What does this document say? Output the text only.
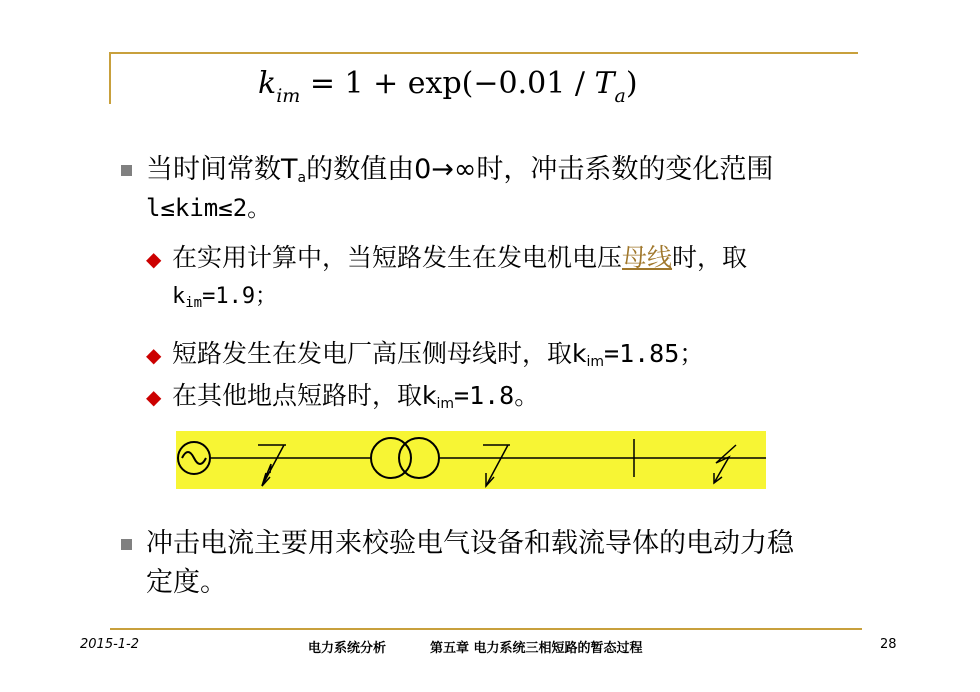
$k_{im} = 1 + \exp(-0.01 / T_a)$
当时间常数Ta的数值由0→∞时，冲击系数的变化范围
l≤kim≤2。
◆ 在实用计算中，当短路发生在发电机电压母线时，取
kim=1.9；
◆ 短路发生在发电厂高压侧母线时，取kim=1.85；
◆ 在其他地点短路时，取kim=1.8。
冲击电流主要用来校验电气设备和载流导体的电动力稳
定度。
2015-1-2	电力系统分析	第五章 电力系统三相短路的暂态过程	28
